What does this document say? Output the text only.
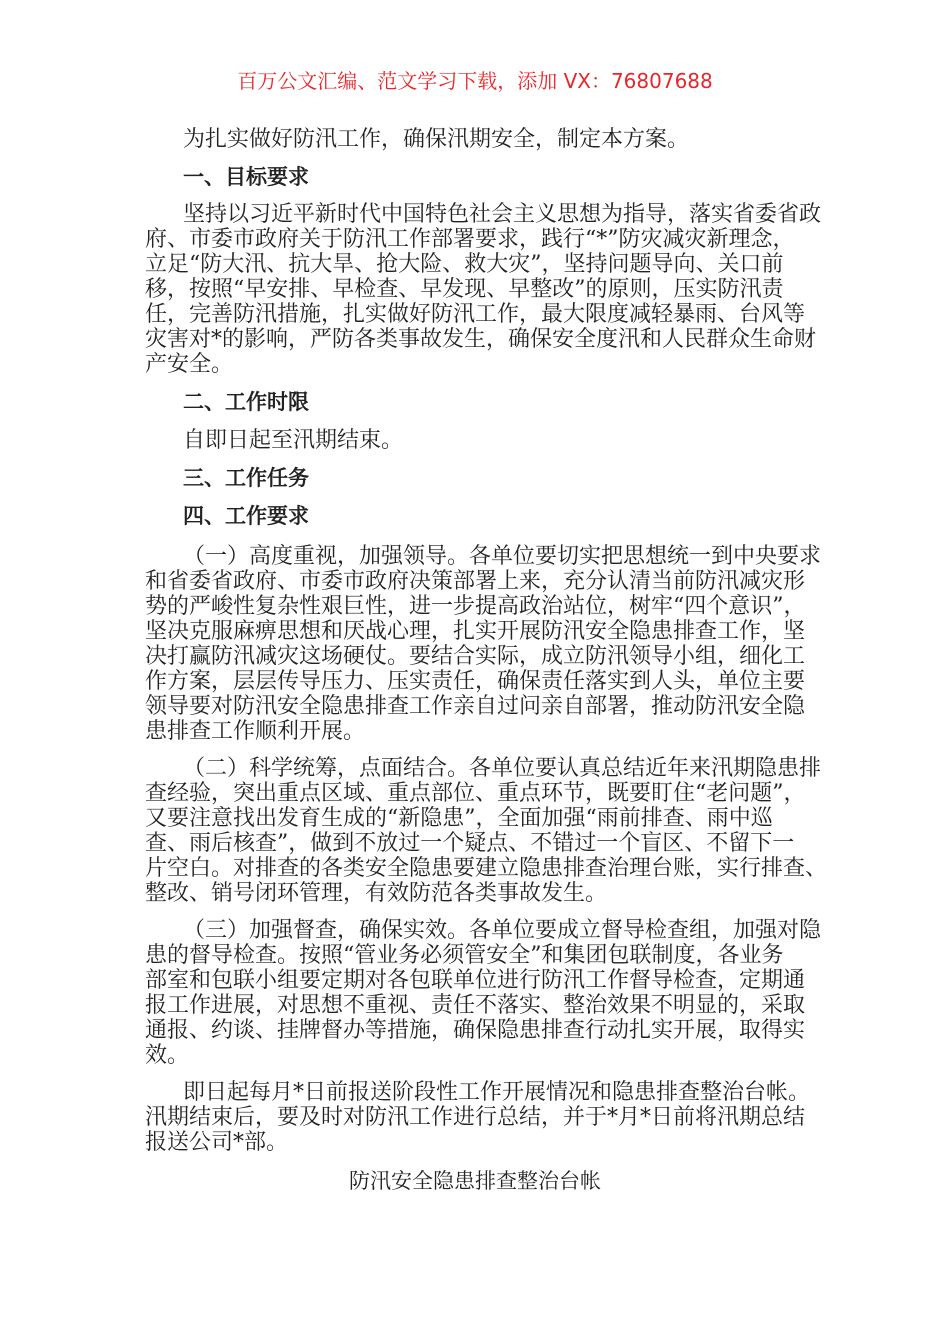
百万公文汇编、范文学习下载，添加 VX：76807688
为扎实做好防汛工作，确保汛期安全，制定本方案。
一、目标要求
坚持以习近平新时代中国特色社会主义思想为指导，落实省委省政
府、市委市政府关于防汛工作部署要求，践行“*”防灾减灾新理念，
立足“防大汛、抗大旱、抢大险、救大灾”，坚持问题导向、关口前
移，按照“早安排、早检查、早发现、早整改”的原则，压实防汛责
任，完善防汛措施，扎实做好防汛工作，最大限度减轻暴雨、台风等
灾害对*的影响，严防各类事故发生，确保安全度汛和人民群众生命财
产安全。
二、工作时限
自即日起至汛期结束。
三、工作任务
四、工作要求
（一）高度重视，加强领导。各单位要切实把思想统一到中央要求
和省委省政府、市委市政府决策部署上来，充分认清当前防汛减灾形
势的严峻性复杂性艰巨性，进一步提高政治站位，树牢“四个意识”，
坚决克服麻痹思想和厌战心理，扎实开展防汛安全隐患排查工作，坚
决打赢防汛减灾这场硬仗。要结合实际，成立防汛领导小组，细化工
作方案，层层传导压力、压实责任，确保责任落实到人头，单位主要
领导要对防汛安全隐患排查工作亲自过问亲自部署，推动防汛安全隐
患排查工作顺利开展。
（二）科学统筹，点面结合。各单位要认真总结近年来汛期隐患排
查经验，突出重点区域、重点部位、重点环节，既要盯住“老问题”，
又要注意找出发育生成的“新隐患”，全面加强“雨前排查、雨中巡
查、雨后核查”，做到不放过一个疑点、不错过一个盲区、不留下一
片空白。对排查的各类安全隐患要建立隐患排查治理台账，实行排查、
整改、销号闭环管理，有效防范各类事故发生。
（三）加强督查，确保实效。各单位要成立督导检查组，加强对隐
患的督导检查。按照“管业务必须管安全”和集团包联制度，各业务
部室和包联小组要定期对各包联单位进行防汛工作督导检查，定期通
报工作进展，对思想不重视、责任不落实、整治效果不明显的，采取
通报、约谈、挂牌督办等措施，确保隐患排查行动扎实开展，取得实
效。
即日起每月*日前报送阶段性工作开展情况和隐患排查整治台帐。
汛期结束后，要及时对防汛工作进行总结，并于*月*日前将汛期总结
报送公司*部。
防汛安全隐患排查整治台帐
